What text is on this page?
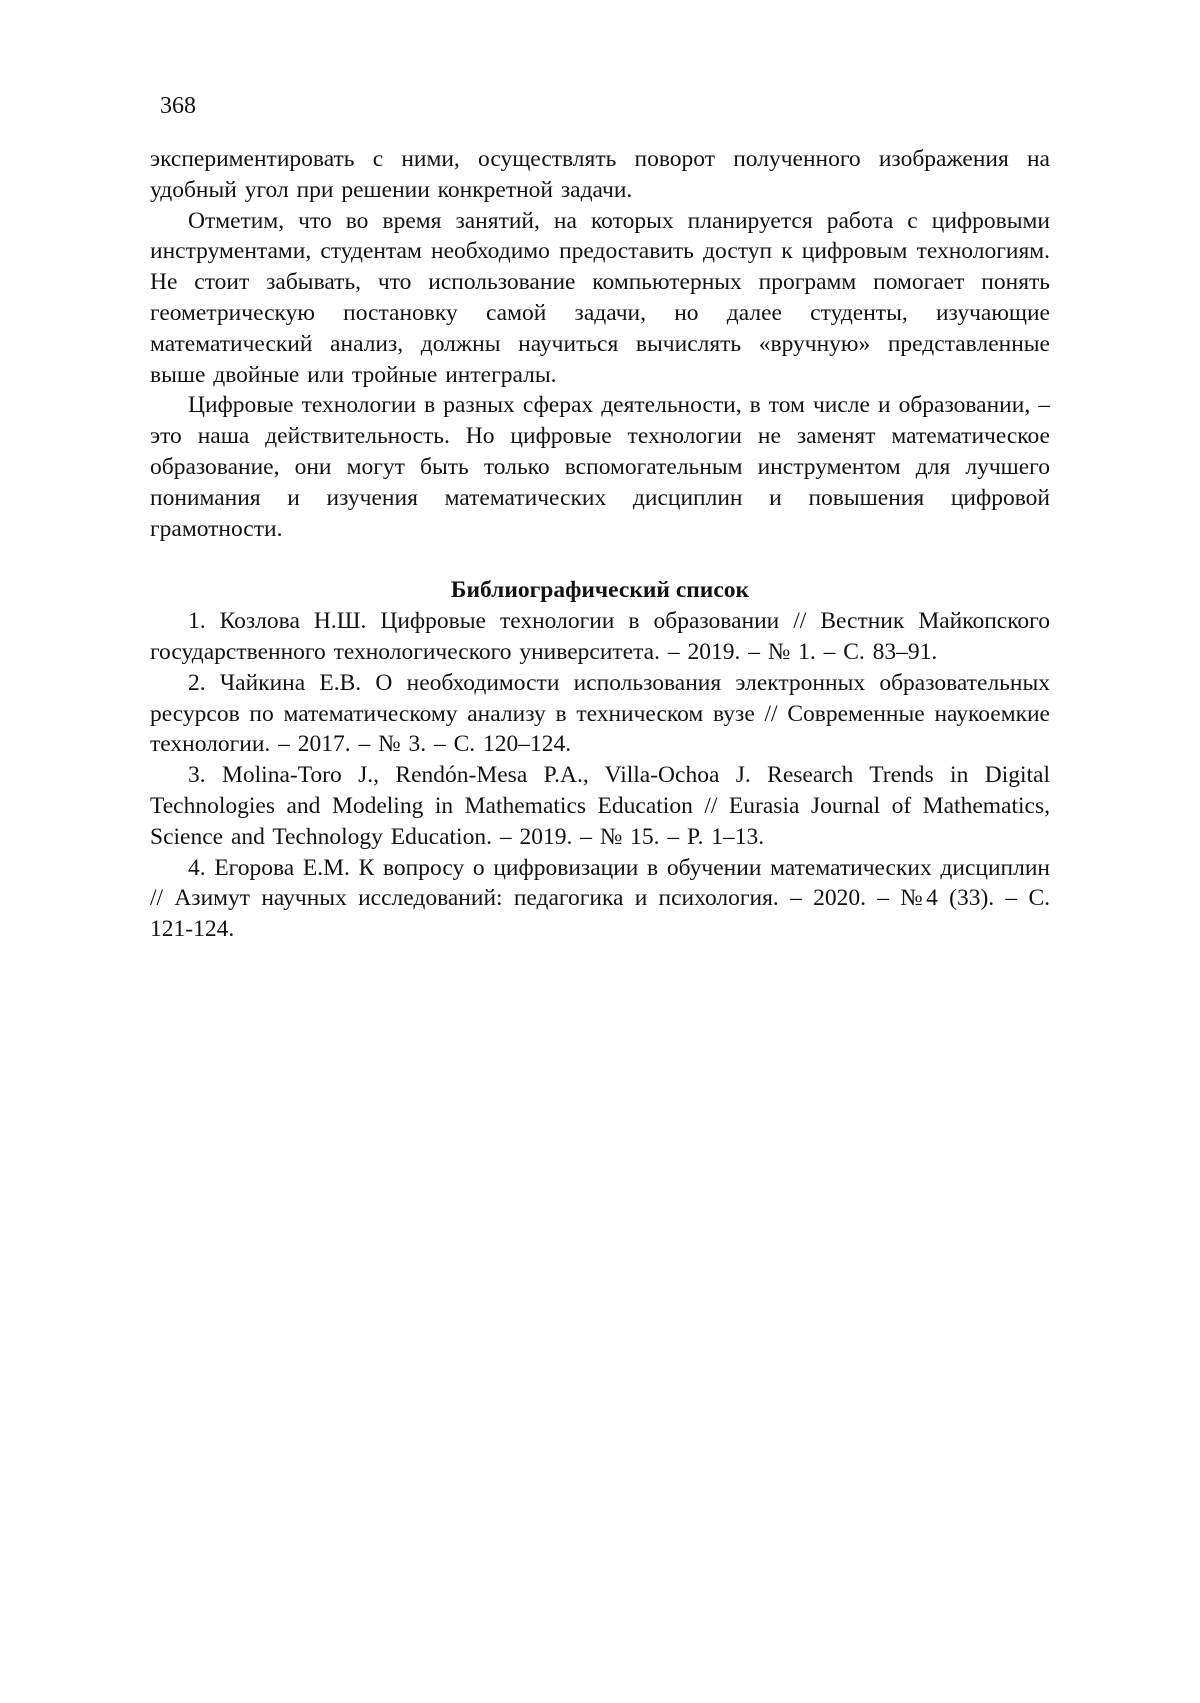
368

экспериментировать с ними, осуществлять поворот полученного изображения на удобный угол при решении конкретной задачи.

Отметим, что во время занятий, на которых планируется работа с цифровыми инструментами, студентам необходимо предоставить доступ к цифровым технологиям. Не стоит забывать, что использование компьютерных программ помогает понять геометрическую постановку самой задачи, но далее студенты, изучающие математический анализ, должны научиться вычислять «вручную» представленные выше двойные или тройные интегралы.

Цифровые технологии в разных сферах деятельности, в том числе и образовании, – это наша действительность. Но цифровые технологии не заменят математическое образование, они могут быть только вспомогательным инструментом для лучшего понимания и изучения математических дисциплин и повышения цифровой грамотности.

Библиографический список

1. Козлова Н.Ш. Цифровые технологии в образовании // Вестник Майкопского государственного технологического университета. – 2019. – № 1. – С. 83–91.

2. Чайкина Е.В. О необходимости использования электронных образовательных ресурсов по математическому анализу в техническом вузе // Современные наукоемкие технологии. – 2017. – № 3. – С. 120–124.

3. Molina-Toro J., Rendón-Mesa P.A., Villa-Ochoa J. Research Trends in Digital Technologies and Modeling in Mathematics Education // Eurasia Journal of Mathematics, Science and Technology Education. – 2019. – № 15. – P. 1–13.

4. Егорова Е.М. К вопросу о цифровизации в обучении математических дисциплин // Азимут научных исследований: педагогика и психология. – 2020. – №4 (33). – С. 121-124.
